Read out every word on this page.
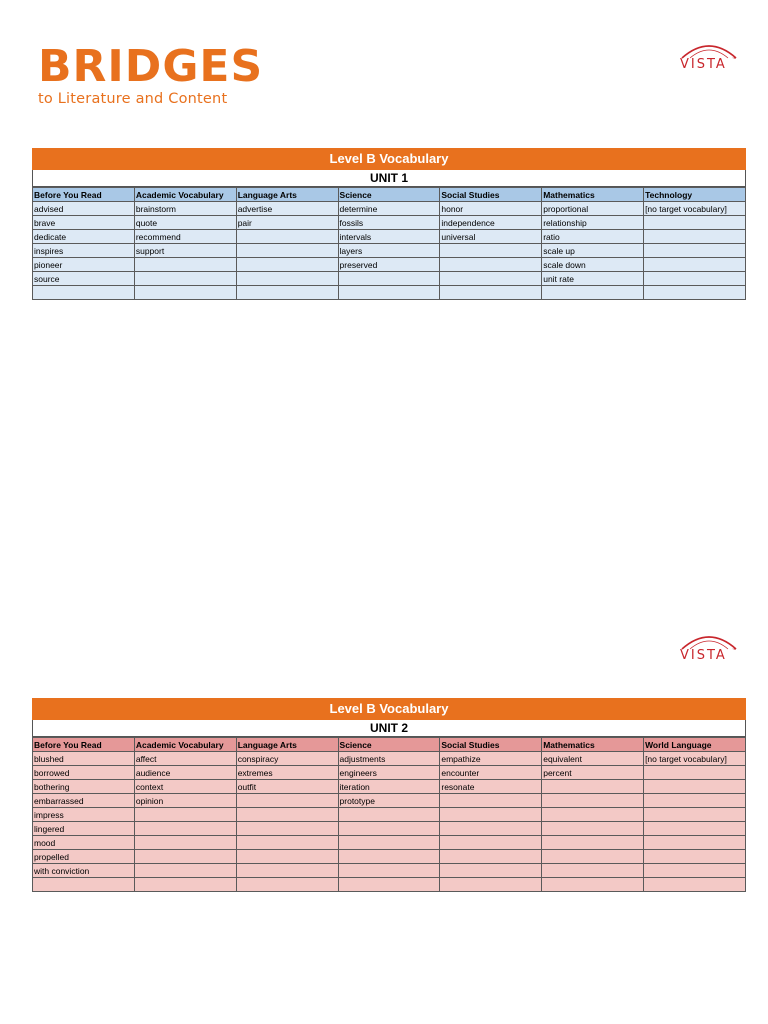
BRIDGES
to Literature and Content
VISTA ™
VISTA ™
Level B Vocabulary
UNIT 1
Before You Read	Academic Vocabulary	Language Arts	Science	Social Studies	Mathematics	Technology
advised	brainstorm	advertise	determine	honor	proportional	[no target vocabulary]
brave	quote	pair	fossils	independence	relationship	
dedicate	recommend		intervals	universal	ratio	
inspires	support		layers		scale up	
pioneer			preserved		scale down	
source					unit rate	

Level B Vocabulary
UNIT 2
Before You Read	Academic Vocabulary	Language Arts	Science	Social Studies	Mathematics	World Language
blushed	affect	conspiracy	adjustments	empathize	equivalent	[no target vocabulary]
borrowed	audience	extremes	engineers	encounter	percent	
bothering	context	outfit	iteration	resonate		
embarrassed	opinion		prototype			
impress						
lingered						
mood						
propelled						
with conviction						
